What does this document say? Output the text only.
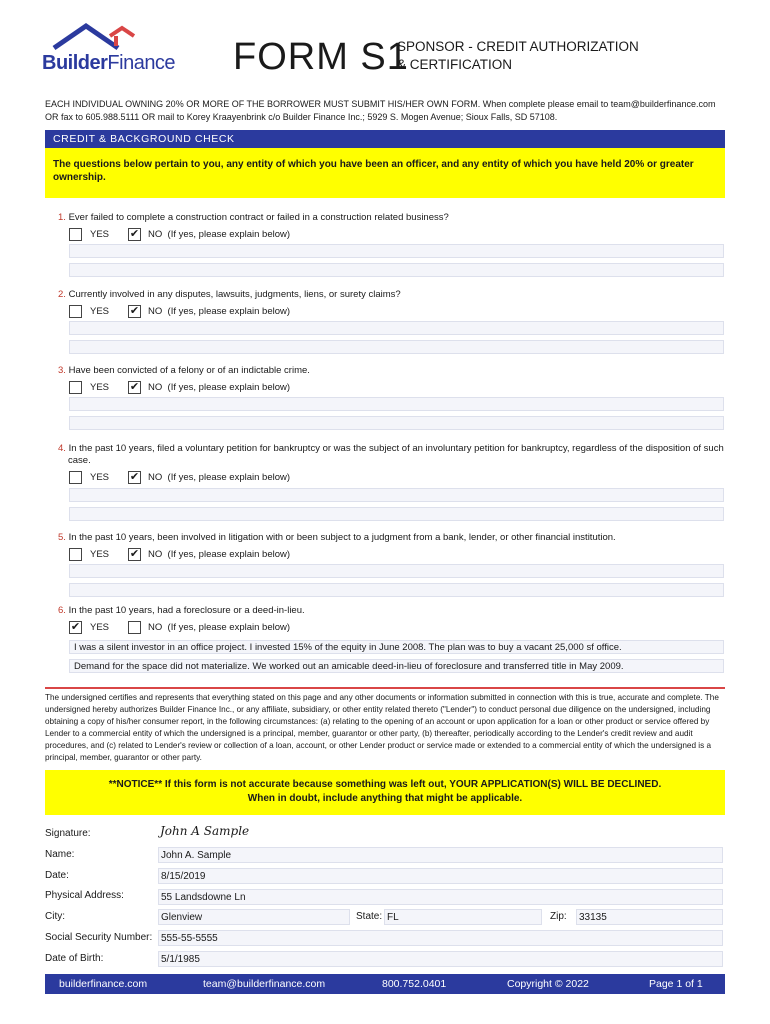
BuilderFinance FORM S1
SPONSOR - CREDIT AUTHORIZATION
& CERTIFICATION
EACH INDIVIDUAL OWNING 20% OR MORE OF THE BORROWER MUST SUBMIT HIS/HER OWN FORM. When complete please email to team@builderfinance.com
OR fax to 605.988.5111 OR mail to Korey Kraayenbrink c/o Builder Finance Inc.; 5929 S. Mogen Avenue; Sioux Falls, SD 57108.
CREDIT & BACKGROUND CHECK
The questions below pertain to you, any entity of which you have been an officer, and any entity of which you have held 20% or greater ownership.
1. Ever failed to complete a construction contract or failed in a construction related business?
YES ✔ NO (If yes, please explain below)
2. Currently involved in any disputes, lawsuits, judgments, liens, or surety claims?
YES ✔ NO (If yes, please explain below)
3. Have been convicted of a felony or of an indictable crime.
YES ✔ NO (If yes, please explain below)
4. In the past 10 years, filed a voluntary petition for bankruptcy or was the subject of an involuntary petition for bankruptcy, regardless of the disposition of such case.
YES ✔ NO (If yes, please explain below)
5. In the past 10 years, been involved in litigation with or been subject to a judgment from a bank, lender, or other financial institution.
YES ✔ NO (If yes, please explain below)
6. In the past 10 years, had a foreclosure or a deed-in-lieu.
✔ YES	NO (If yes, please explain below)
I was a silent investor in an office project. I invested 15% of the equity in June 2008. The plan was to buy a vacant 25,000 sf office.
Demand for the space did not materialize. We worked out an amicable deed-in-lieu of foreclosure and transferred title in May 2009.
The undersigned certifies and represents that everything stated on this page and any other documents or information submitted in connection with this is true, accurate and complete. The undersigned hereby authorizes Builder Finance Inc., or any affiliate, subsidiary, or other entity related thereto ("Lender") to conduct personal due diligence on the undersigned, including obtaining a copy of his/her consumer report, in the following circumstances: (a) relating to the opening of an account or upon application for a loan or other product or service offered by Lender to a commercial entity of which the undersigned is a principal, member, guarantor or other party, (b) thereafter, periodically according to the Lender's credit review and audit procedures, and (c) related to Lender's review or collection of a loan, account, or other Lender product or service made or extended to a commercial entity of which the undersigned is a principal, member, guarantor or other party.
**NOTICE** If this form is not accurate because something was left out, YOUR APPLICATION(S) WILL BE DECLINED.
When in doubt, include anything that might be applicable.
Signature:	John A Sample
Name:	John A. Sample
Date:	8/15/2019
Physical Address:	55 Landsdowne Ln
City:	Glenview	State: FL	Zip:	33135
Social Security Number: 555-55-5555
Date of Birth:	5/1/1985
builderfinance.com	team@builderfinance.com	800.752.0401	Copyright © 2022	Page 1 of 1
